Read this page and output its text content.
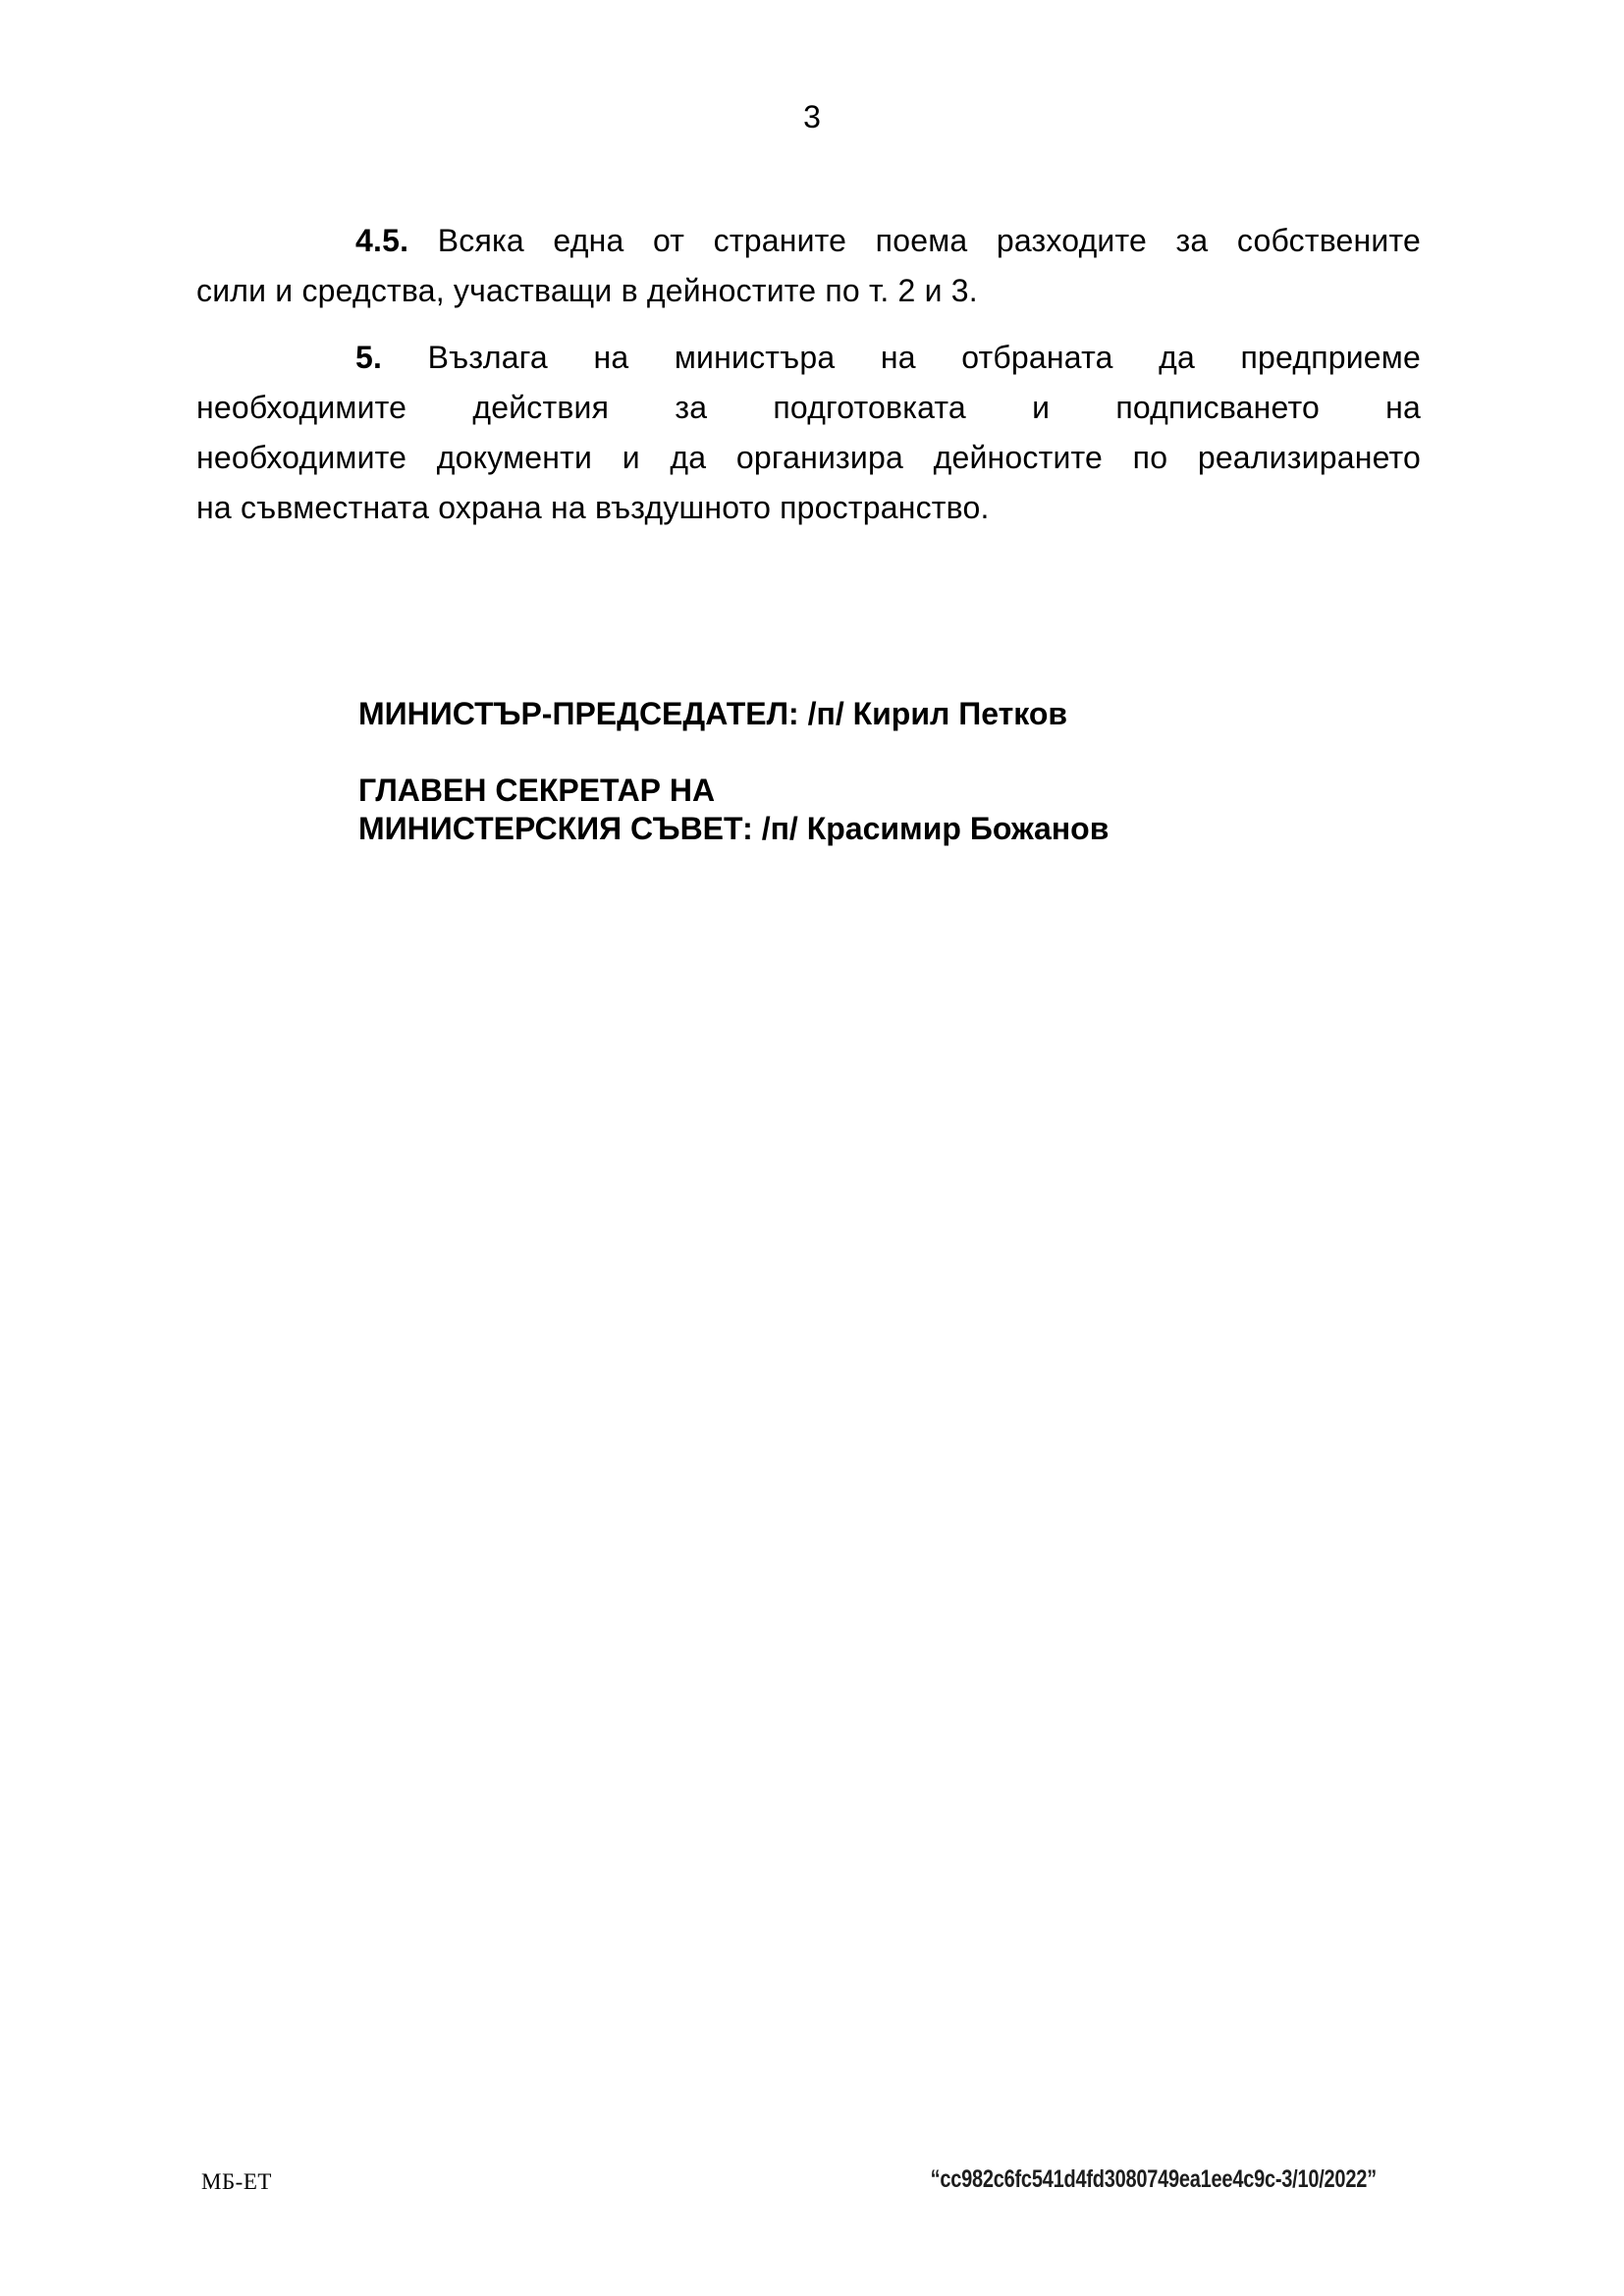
3
4.5. Всяка една от страните поема разходите за собствените
сили и средства, участващи в дейностите по т. 2 и 3.
5. Възлага на министъра на отбраната да предприеме
необходимите действия за подготовката и подписването на
необходимите документи и да организира дейностите по реализирането
на съвместната охрана на въздушното пространство.
МИНИСТЪР-ПРЕДСЕДАТЕЛ: /п/ Кирил Петков
ГЛАВЕН СЕКРЕТАР НА
МИНИСТЕРСКИЯ СЪВЕТ: /п/ Красимир Божанов
МБ-ЕТ	“cc982c6fc541d4fd3080749ea1ee4c9c-3/10/2022”
